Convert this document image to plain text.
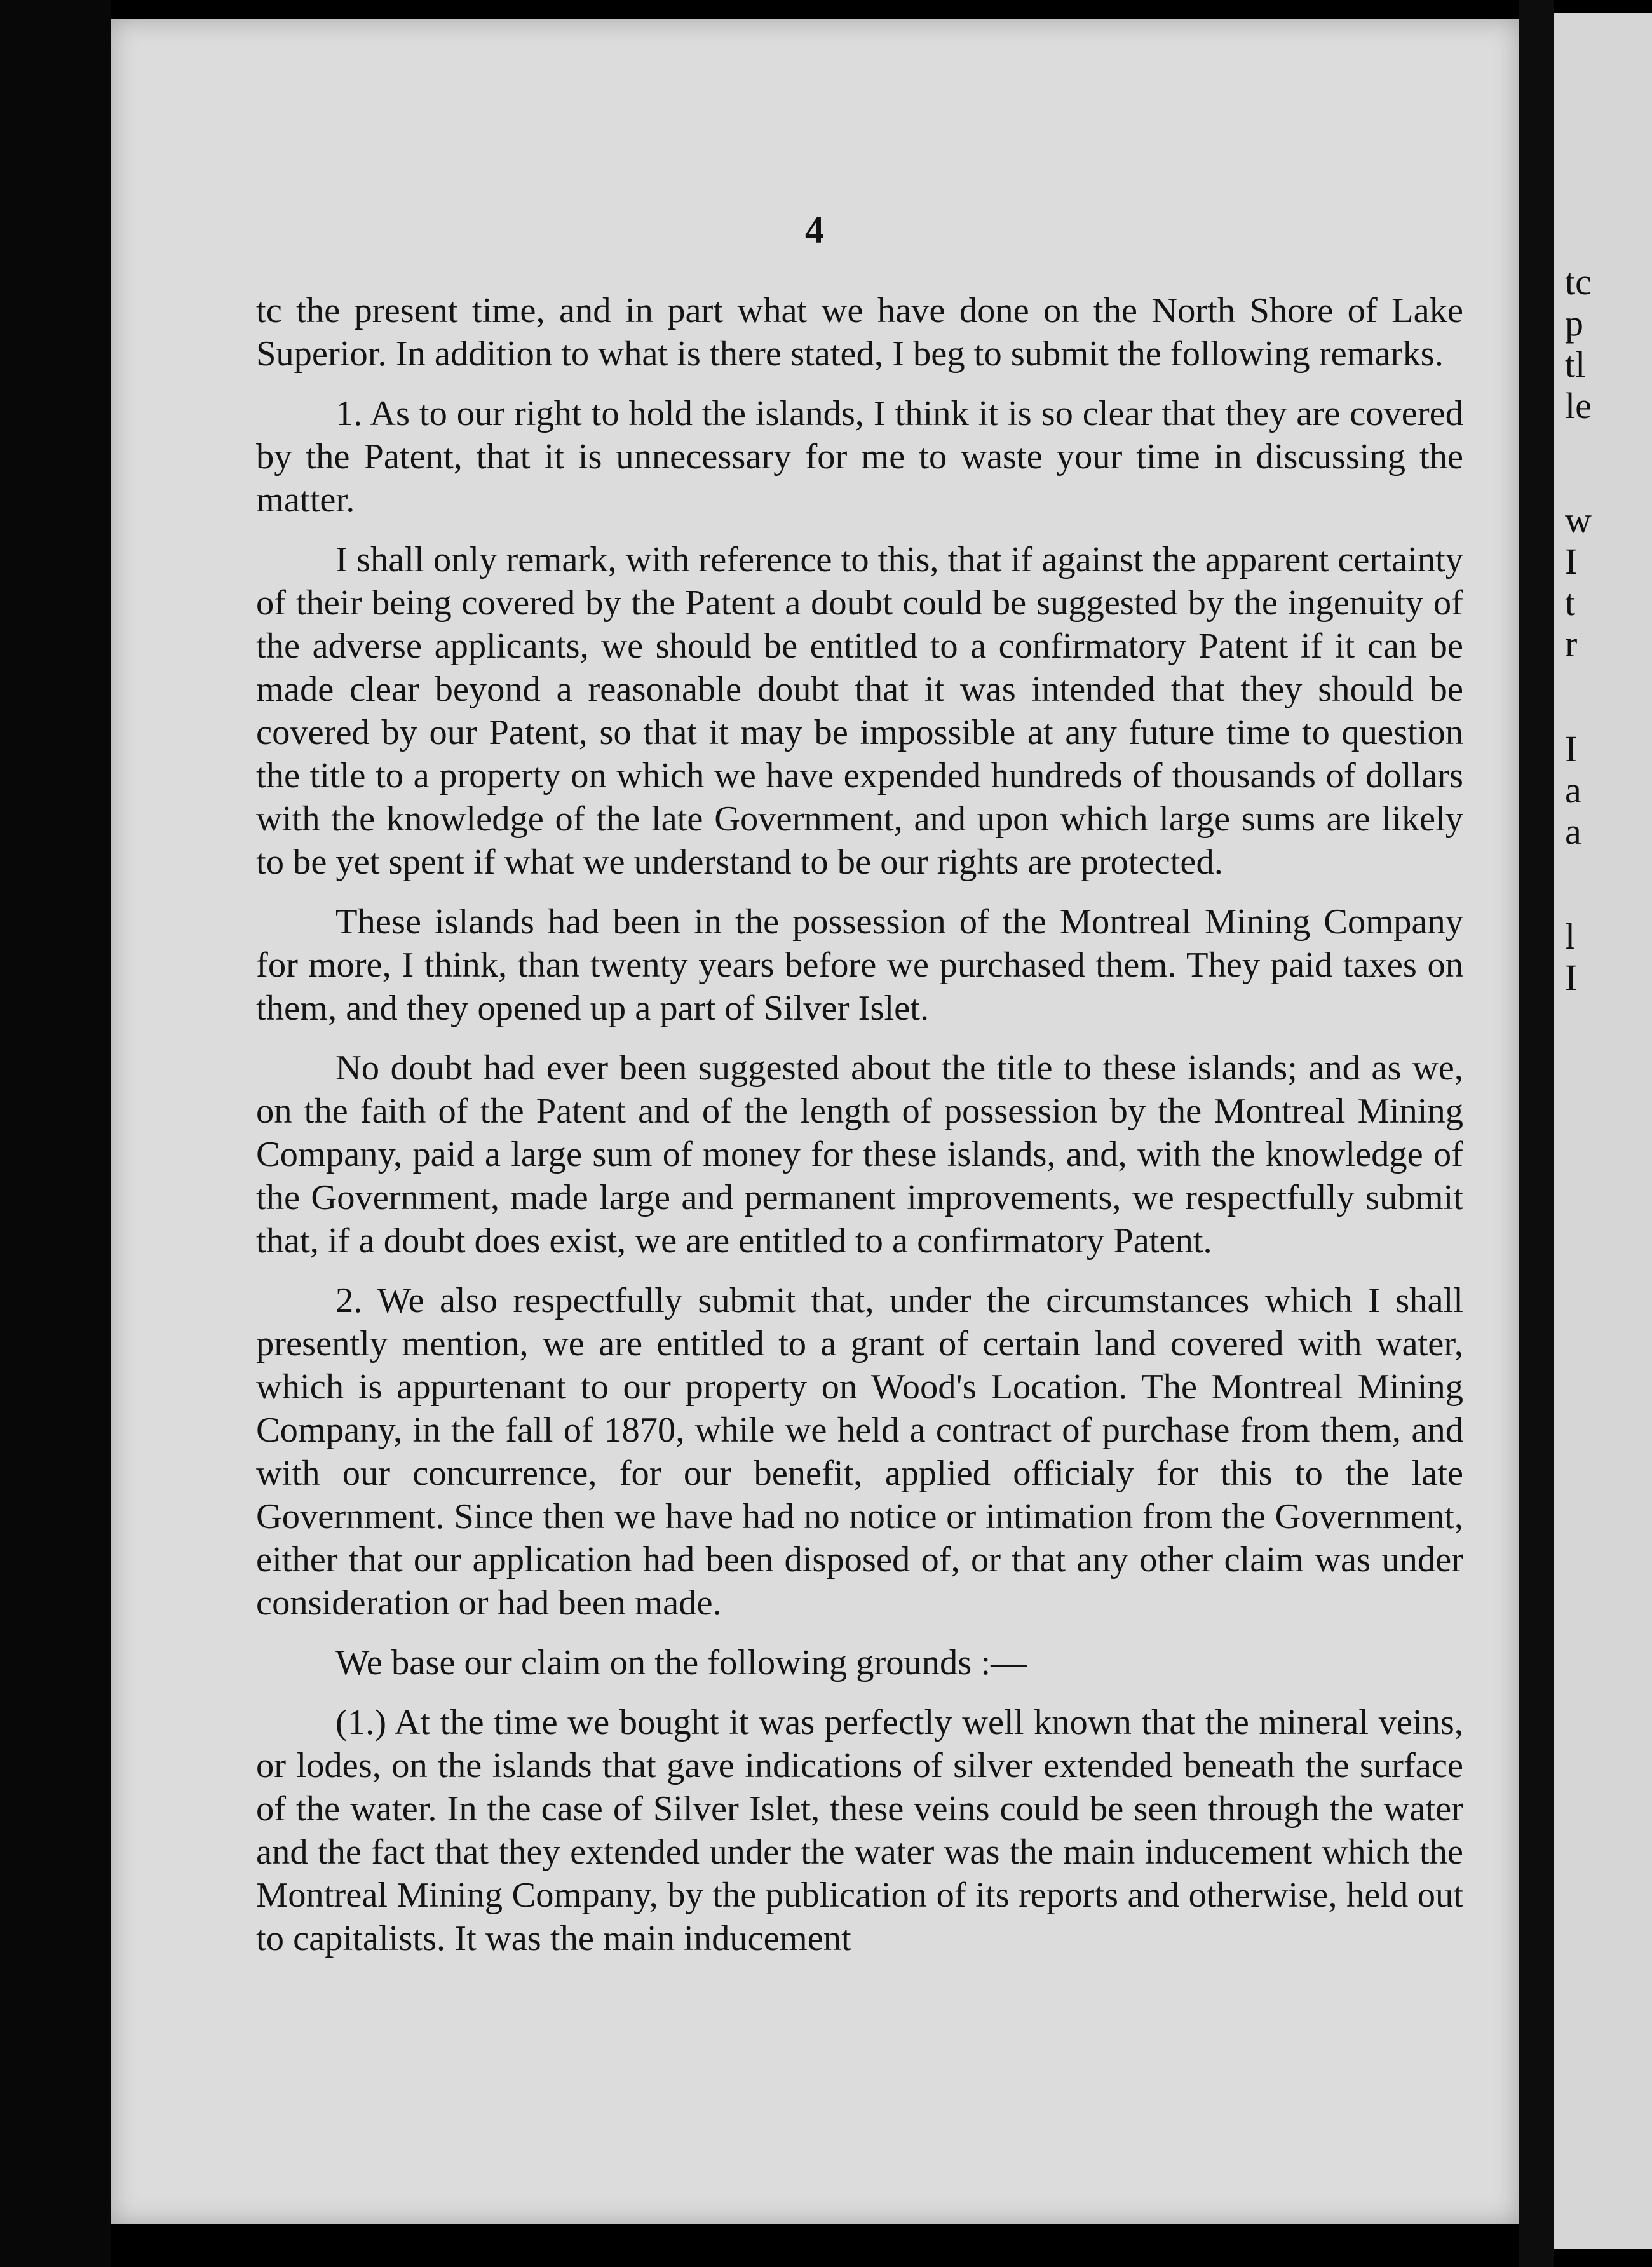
4

tc the present time, and in part what we have done on the North Shore of Lake Superior. In addition to what is there stated, I beg to submit the following remarks.

1. As to our right to hold the islands, I think it is so clear that they are covered by the Patent, that it is unnecessary for me to waste your time in discussing the matter.

I shall only remark, with reference to this, that if against the apparent certainty of their being covered by the Patent a doubt could be suggested by the ingenuity of the adverse applicants, we should be entitled to a confirmatory Patent if it can be made clear beyond a reasonable doubt that it was intended that they should be covered by our Patent, so that it may be impossible at any future time to question the title to a property on which we have expended hundreds of thousands of dollars with the knowledge of the late Government, and upon which large sums are likely to be yet spent if what we understand to be our rights are protected.

These islands had been in the possession of the Montreal Mining Company for more, I think, than twenty years before we purchased them. They paid taxes on them, and they opened up a part of Silver Islet.

No doubt had ever been suggested about the title to these islands; and as we, on the faith of the Patent and of the length of possession by the Montreal Mining Company, paid a large sum of money for these islands, and, with the knowledge of the Government, made large and permanent improvements, we respectfully submit that, if a doubt does exist, we are entitled to a confirmatory Patent.

2. We also respectfully submit that, under the circumstances which I shall presently mention, we are entitled to a grant of certain land covered with water, which is appurtenant to our property on Wood's Location. The Montreal Mining Company, in the fall of 1870, while we held a contract of purchase from them, and with our concurrence, for our benefit, applied officialy for this to the late Government. Since then we have had no notice or intimation from the Government, either that our application had been disposed of, or that any other claim was under consideration or had been made.

We base our claim on the following grounds :—

(1.) At the time we bought it was perfectly well known that the mineral veins, or lodes, on the islands that gave indications of silver extended beneath the surface of the water. In the case of Silver Islet, these veins could be seen through the water and the fact that they extended under the water was the main inducement which the Montreal Mining Company, by the publication of its reports and otherwise, held out to capitalists. It was the main inducement

tc
p
tl
le
w
I
t
r
I
a
a
l
I
